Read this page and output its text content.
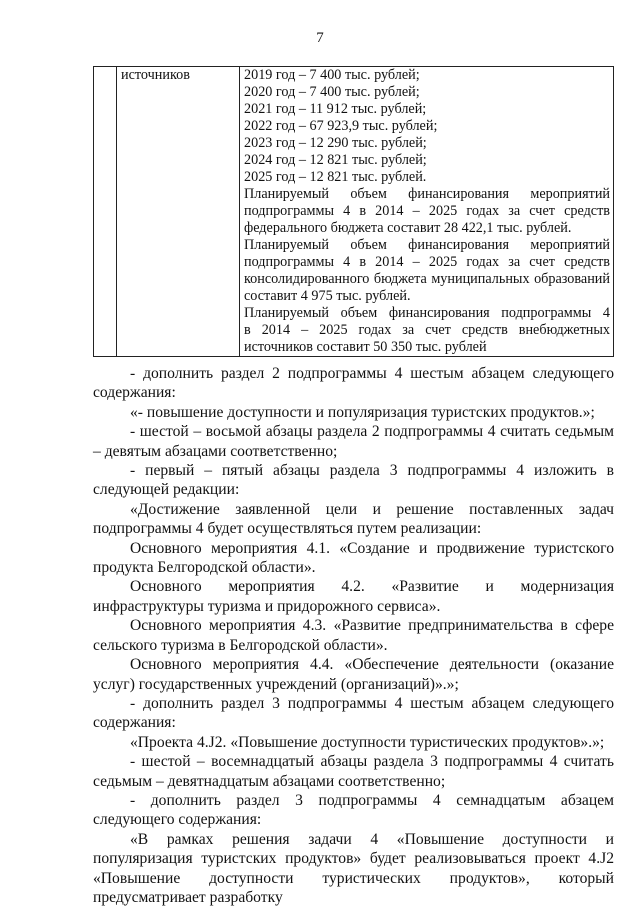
7
	источников	2019 год – 7 400 тыс. рублей;
2020 год – 7 400 тыс. рублей;
2021 год – 11 912 тыс. рублей;
2022 год – 67 923,9 тыс. рублей;
2023 год – 12 290 тыс. рублей;
2024 год – 12 821 тыс. рублей;
2025 год – 12 821 тыс. рублей.
Планируемый объем финансирования мероприятий
подпрограммы 4 в 2014 – 2025 годах за счет средств
федерального бюджета составит 28 422,1 тыс. рублей.
Планируемый объем финансирования мероприятий
подпрограммы 4 в 2014 – 2025 годах за счет средств
консолидированного бюджета муниципальных образований
составит 4 975 тыс. рублей.
Планируемый объем финансирования подпрограммы 4
в 2014 – 2025 годах за счет средств внебюджетных
источников составит 50 350 тыс. рублей

- дополнить раздел 2 подпрограммы 4 шестым абзацем следующего содержания:

«- повышение доступности и популяризация туристских продуктов.»;

- шестой – восьмой абзацы раздела 2 подпрограммы 4 считать седьмым – девятым абзацами соответственно;

- первый – пятый абзацы раздела 3 подпрограммы 4 изложить в следующей редакции:

«Достижение заявленной цели и решение поставленных задач подпрограммы 4 будет осуществляться путем реализации:

Основного мероприятия 4.1. «Создание и продвижение туристского продукта Белгородской области».

Основного мероприятия 4.2. «Развитие и модернизация инфраструктуры туризма и придорожного сервиса».

Основного мероприятия 4.3. «Развитие предпринимательства в сфере сельского туризма в Белгородской области».

Основного мероприятия 4.4. «Обеспечение деятельности (оказание услуг) государственных учреждений (организаций)».»;

- дополнить раздел 3 подпрограммы 4 шестым абзацем следующего содержания:

«Проекта 4.J2. «Повышение доступности туристических продуктов».»;

- шестой – восемнадцатый абзацы раздела 3 подпрограммы 4 считать седьмым – девятнадцатым абзацами соответственно;

- дополнить раздел 3 подпрограммы 4 семнадцатым абзацем следующего содержания:

«В рамках решения задачи 4 «Повышение доступности и популяризация туристских продуктов» будет реализовываться проект 4.J2 «Повышение доступности туристических продуктов», который предусматривает разработку
